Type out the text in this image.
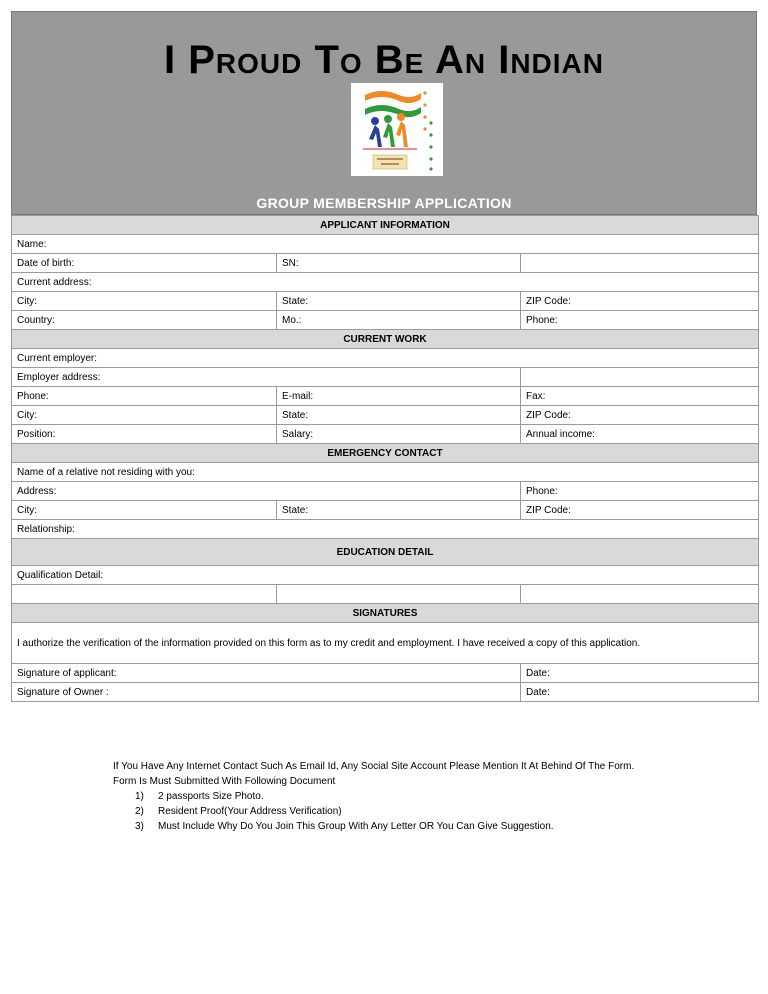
I Proud To Be An Indian
GROUP MEMBERSHIP APPLICATION
APPLICANT INFORMATION		
Name:		
Date of birth:	SN:	
Current address:		
City:	State:	ZIP Code:
Country:	Mo.:	Phone:
CURRENT WORK		
Current employer:		
Employer address:		
Phone:	E-mail:	Fax:
City:	State:	ZIP Code:
Position:	Salary:	Annual income:
EMERGENCY CONTACT		
Name of a relative not residing with you:		
Address:		Phone:
City:	State:	ZIP Code:
Relationship:		
EDUCATION DETAIL		
Qualification Detail:		

SIGNATURES		
I authorize the verification of the information provided on this form as to my credit and employment. I have received a copy of this application.		
Signature of applicant:		Date:
Signature of Owner :		Date:
If You Have Any Internet Contact Such As Email Id, Any Social Site Account Please Mention It At Behind Of The Form.
Form Is Must Submitted With Following Document
1) 2 passports Size Photo.
2) Resident Proof(Your Address Verification)
3) Must Include Why Do You Join This Group With Any Letter OR You Can Give Suggestion.
